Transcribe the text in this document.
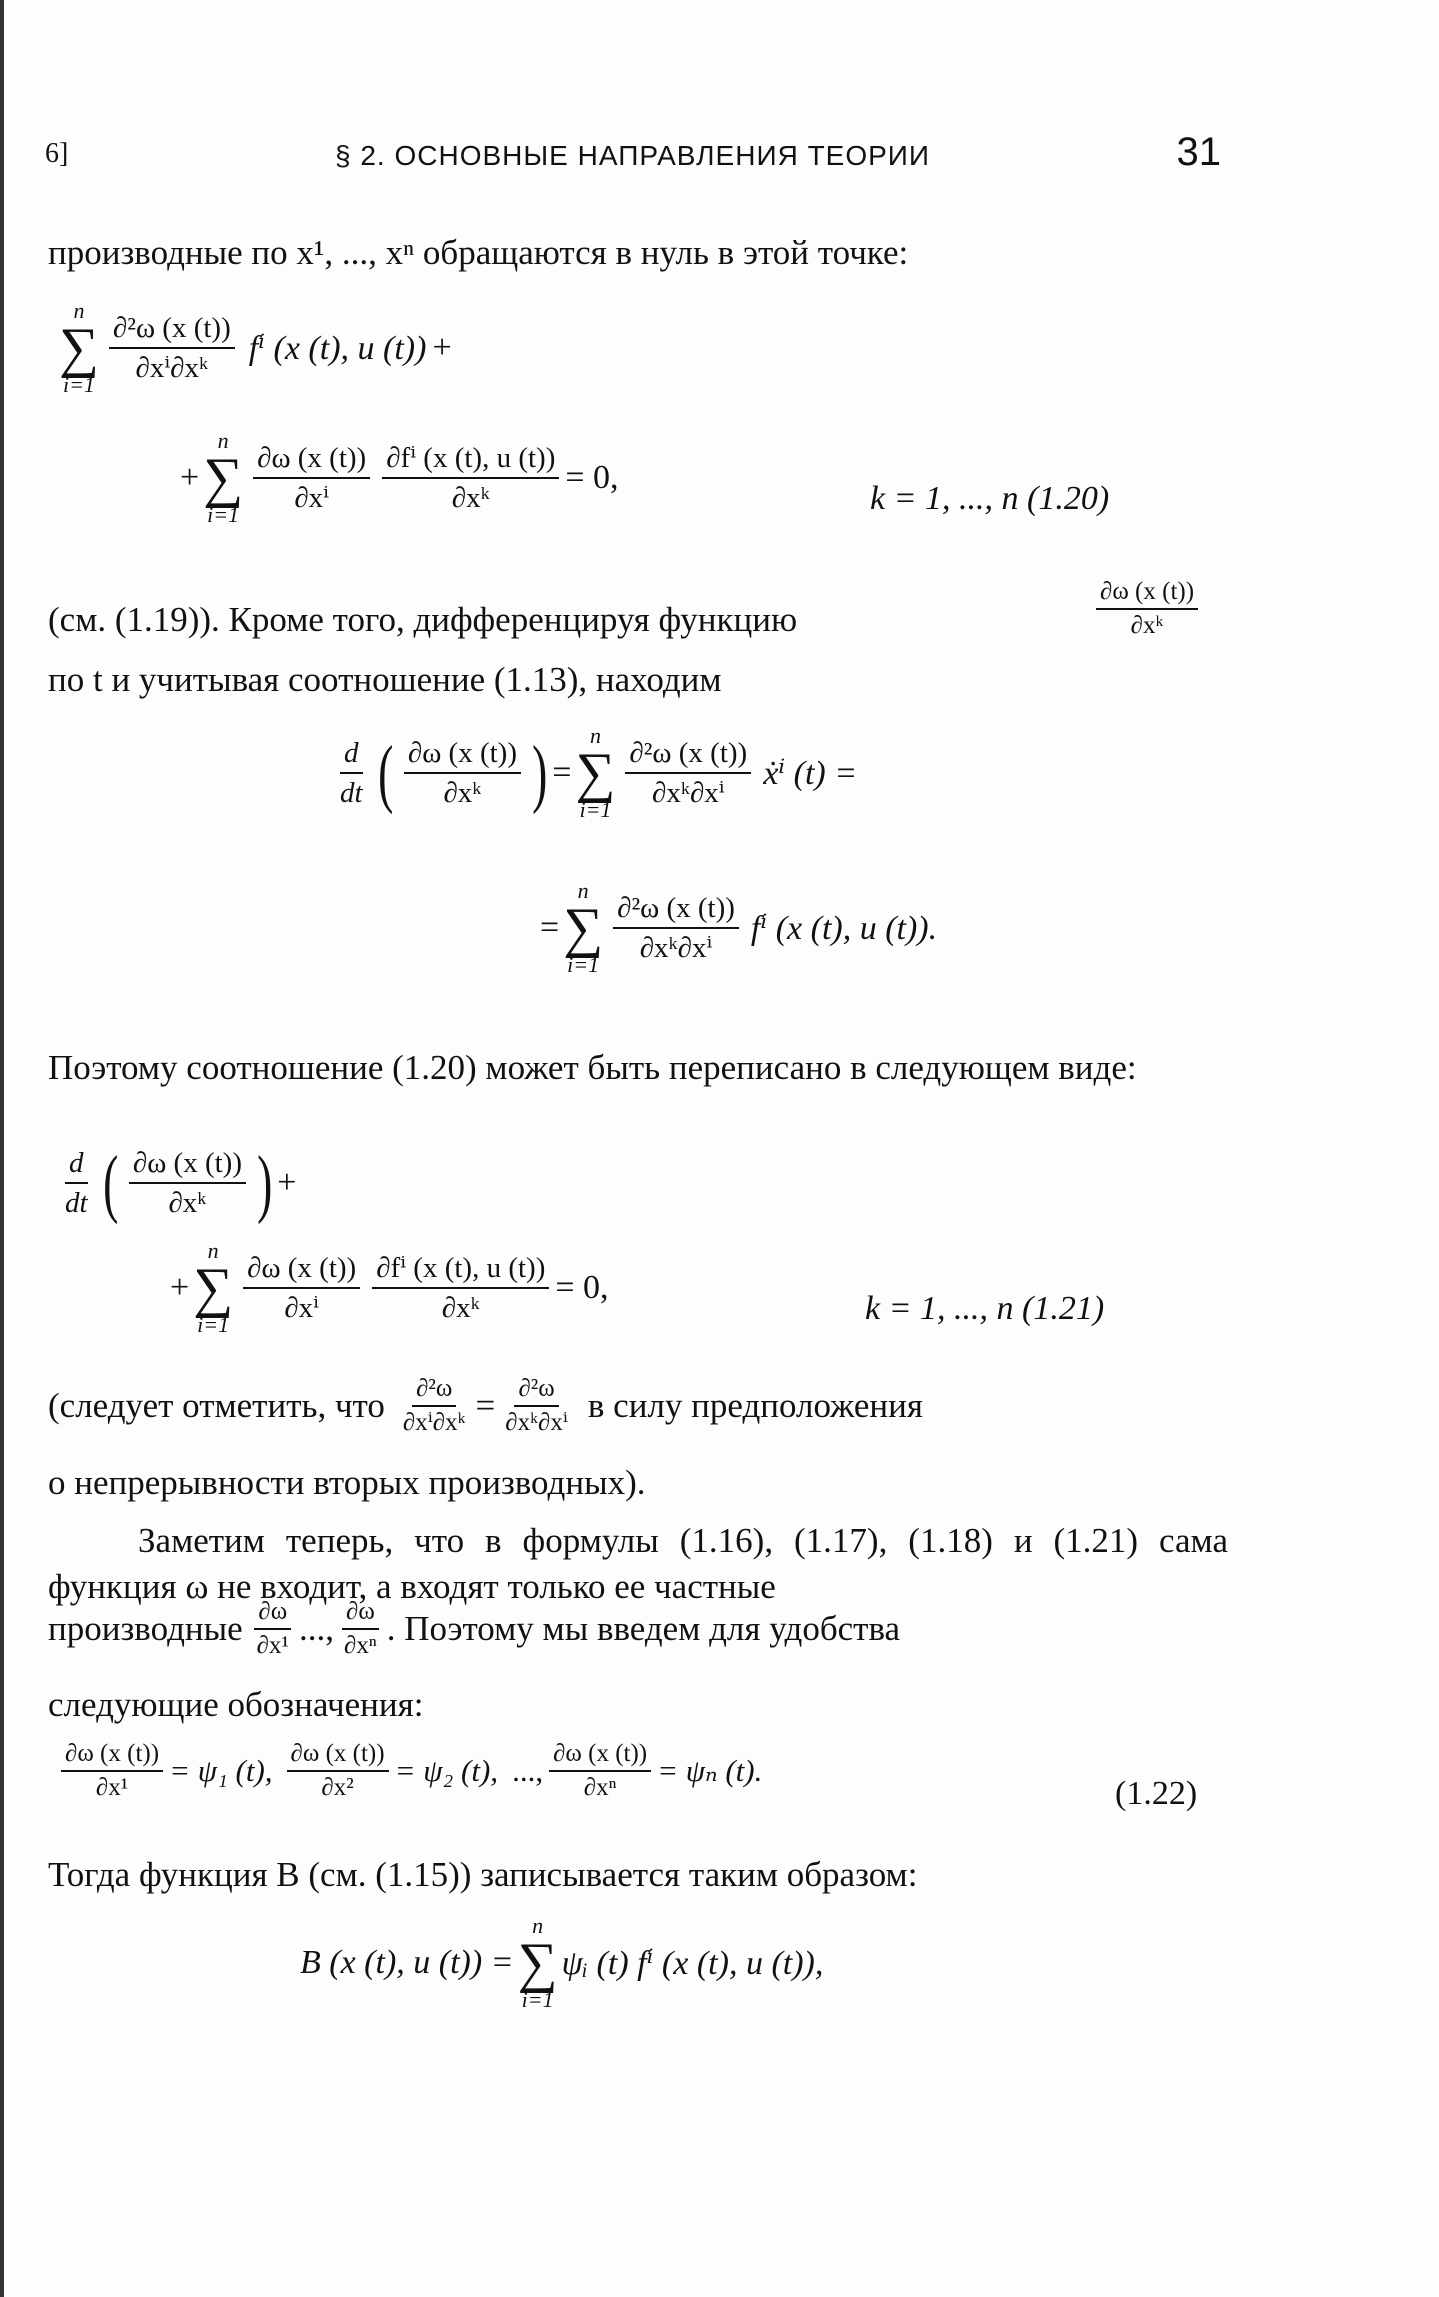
6]	§ 2. ОСНОВНЫЕ НАПРАВЛЕНИЯ ТЕОРИИ	31
производные по x¹, ..., xⁿ обращаются в нуль в этой точке:
n
∑
$i=1 \frac{\text{∂²ω (x (t))}}{\text{∂xⁱ∂xᵏ}}$ fⁱ (x (t), u (t)) +
+
n
∑
$i=1 \frac{\partial\omega (x (t))}{\text{∂xⁱ}} \frac{\text{∂fⁱ (x (t), u (t))}}{\text{∂xᵏ}} = 0$,
k = 1, ..., n (1.20)
(см. (1.19)). Кроме того, дифференцируя функцию	$\frac{\partial\omega (x (t))}{\text{∂xᵏ}}$
по t и учитывая соотношение (1.13), находим
$\frac{d}{dt}$ ( $\frac{\partial\omega (x (t))}{\text{∂xᵏ}}$ ) =
n
∑
$i=1 \frac{\text{∂²ω (x (t))}}{\text{∂xᵏ∂xⁱ}}$ ẋⁱ (t) =
=
n
∑
$i=1 \frac{\text{∂²ω (x (t))}}{\text{∂xᵏ∂xⁱ}}$ fⁱ (x (t), u (t)).
Поэтому соотношение (1.20) может быть переписано в следующем виде:
$\frac{d}{dt}$ ( $\frac{\partial\omega (x (t))}{\text{∂xᵏ}}$ ) +
+
n
∑
$i=1 \frac{\partial\omega (x (t))}{\text{∂xⁱ}} \frac{\text{∂fⁱ (x (t), u (t))}}{\text{∂xᵏ}} = 0$,
k = 1, ..., n (1.21)
(следует отметить, что $\frac{\text{∂²ω}}{\text{∂xⁱ∂xᵏ}} = \frac{\text{∂²ω}}{\text{∂xᵏ∂xⁱ}}$ в силу предположения
о непрерывности вторых производных).
Заметим теперь, что в формулы (1.16), (1.17), (1.18) и (1.21) сама функция ω не входит, а входят только ее частные
производные $\frac{\partial\omega}{\text{∂x¹}}$ ..., $\frac{\partial\omega}{\text{∂xⁿ}}$ . Поэтому мы введем для удобства
следующие обозначения:
$\frac{\partial\omega (x (t))}{\text{∂x¹}} = \psi_1$ (t), $\frac{\partial\omega (x (t))}{\text{∂x²}} = \psi_2$ (t), ..., $\frac{\partial\omega (x (t))}{\text{∂xⁿ}} = \psi_n$ (t).
(1.22)
Тогда функция B (см. (1.15)) записывается таким образом:
B (x (t), u (t)) =
n
∑
i=1
ψᵢ (t) fⁱ (x (t), u (t)),
